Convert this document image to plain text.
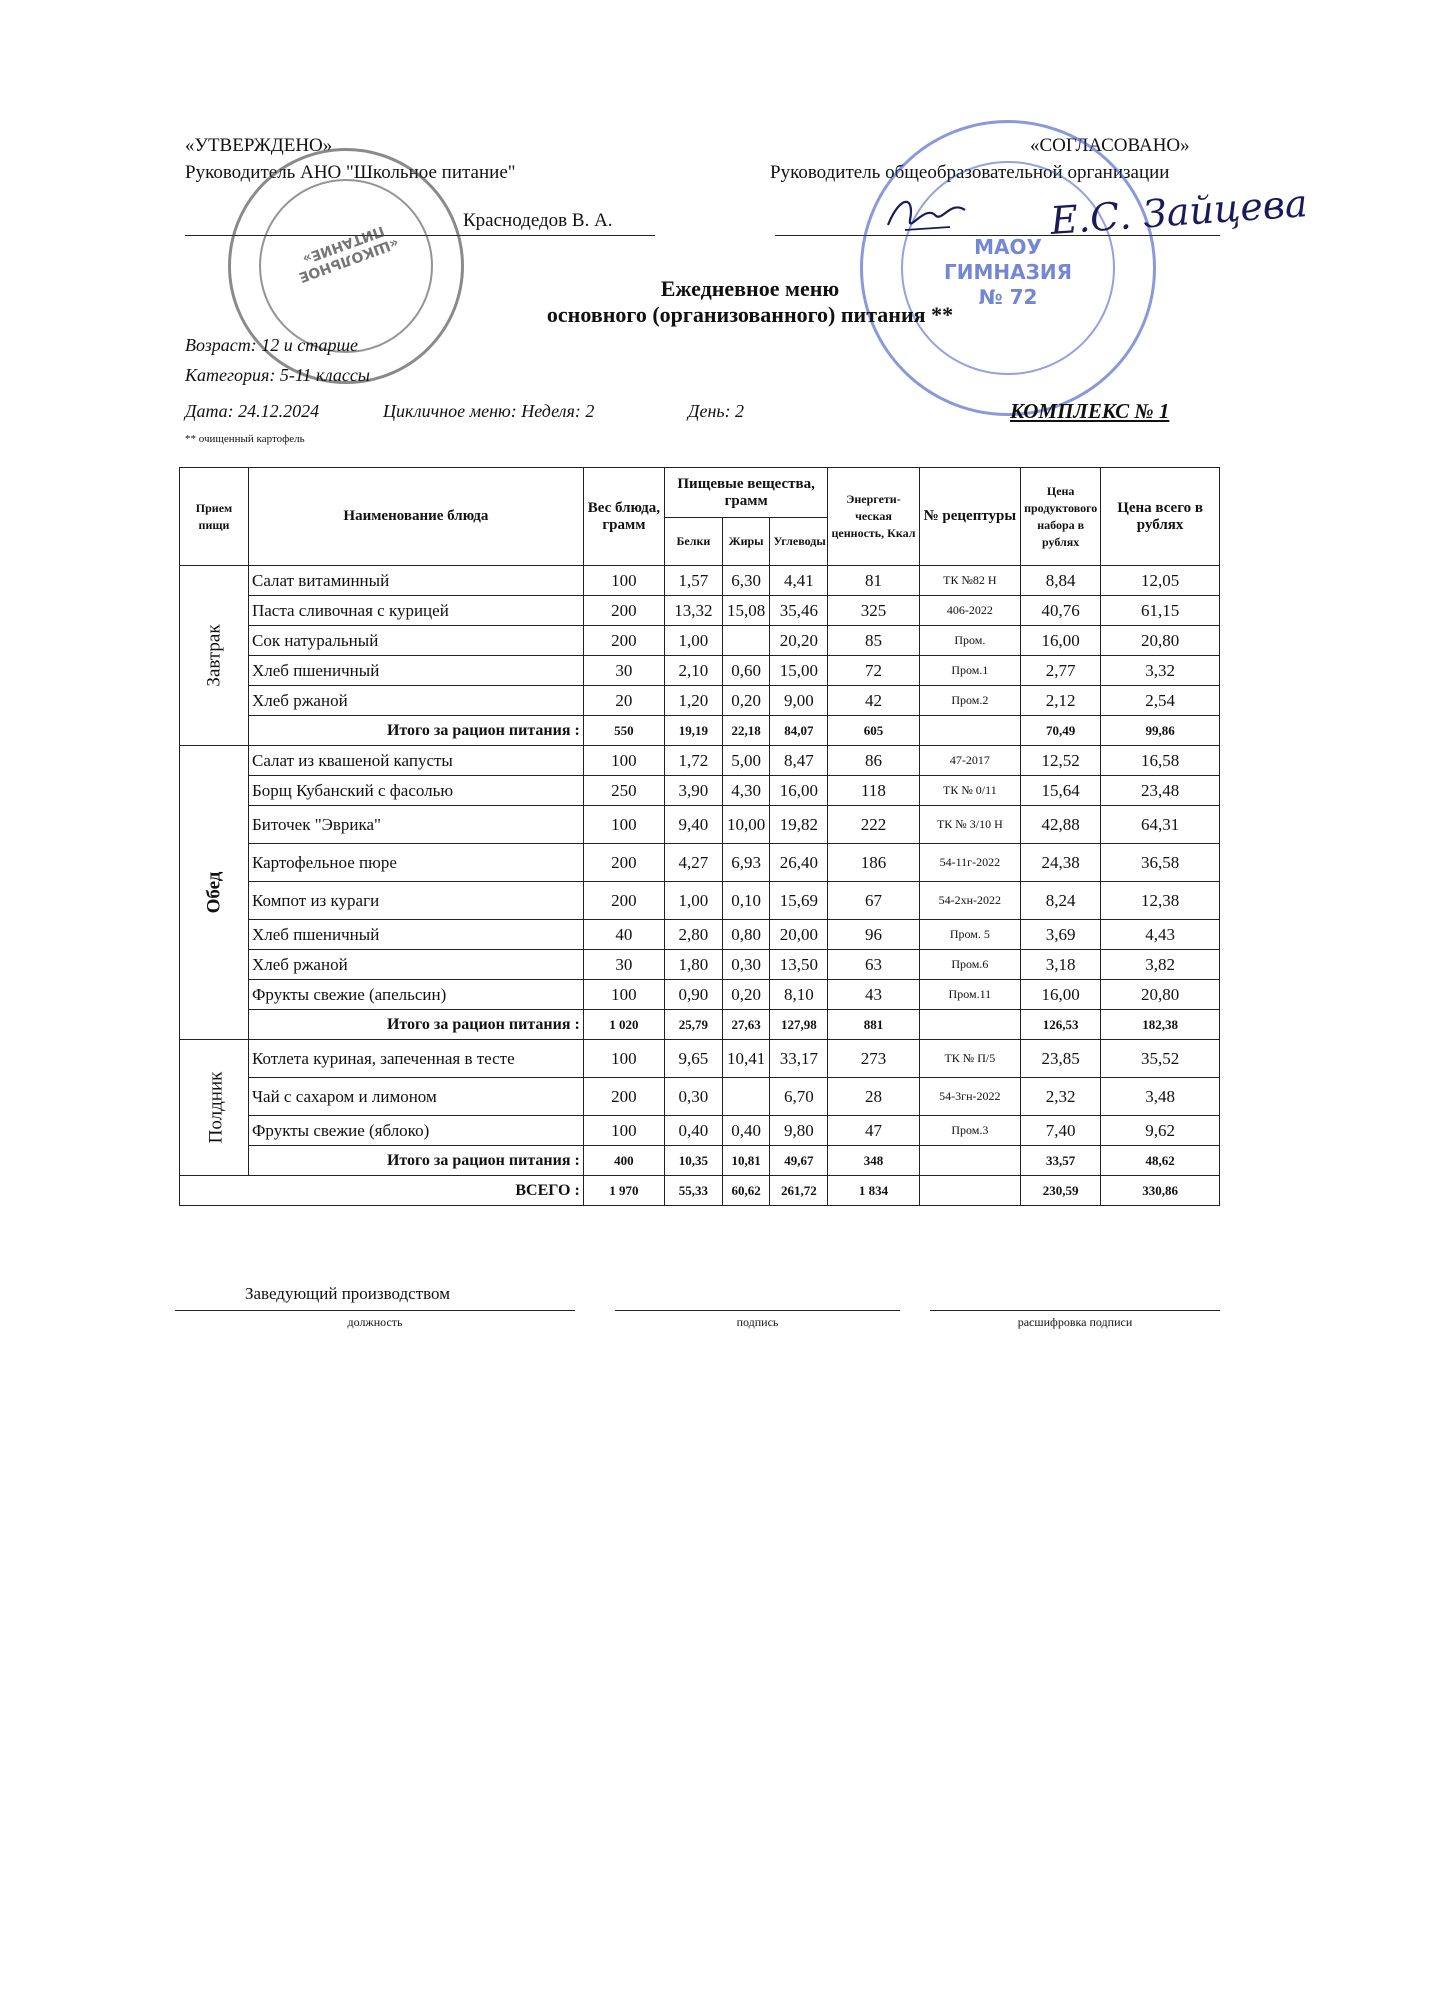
«УТВЕРЖДЕНО»
Руководитель АНО "Школьное питание"
Краснодедов В. А.
«СОГЛАСОВАНО»
Руководитель общеобразовательной организации
«ШКОЛЬНОЕ ПИТАНИЕ»	МАОУ
ГИМНАЗИЯ
№ 72
Е.С. Зайцева
Ежедневное меню
основного (организованного) питания **
Возраст: 12 и старше
Категория: 5-11 классы
Дата: 24.12.2024	Цикличное меню: Неделя: 2	День: 2	КОМПЛЕКС № 1
** очищенный картофель
Прием пищи	Наименование блюда	Вес блюда, грамм	Пищевые вещества, грамм			Энергети-ческая ценность, Ккал	№ рецептуры	Цена продуктового набора в рублях	Цена всего в рублях
			Белки	Жиры	Углеводы				
Завтрак	Салат витаминный	100	1,57	6,30	4,41	81	ТК №82 Н	8,84	12,05
	Паста сливочная с курицей	200	13,32	15,08	35,46	325	406-2022	40,76	61,15
	Сок натуральный	200	1,00		20,20	85	Пром.	16,00	20,80
	Хлеб пшеничный	30	2,10	0,60	15,00	72	Пром.1	2,77	3,32
	Хлеб ржаной	20	1,20	0,20	9,00	42	Пром.2	2,12	2,54
	Итого за рацион питания :	550	19,19	22,18	84,07	605		70,49	99,86
Обед	Салат из квашеной капусты	100	1,72	5,00	8,47	86	47-2017	12,52	16,58
	Борщ Кубанский с фасолью	250	3,90	4,30	16,00	118	ТК № 0/11	15,64	23,48
	Биточек "Эврика"	100	9,40	10,00	19,82	222	ТК № 3/10 Н	42,88	64,31
	Картофельное пюре	200	4,27	6,93	26,40	186	54-11г-2022	24,38	36,58
	Компот из кураги	200	1,00	0,10	15,69	67	54-2хн-2022	8,24	12,38
	Хлеб пшеничный	40	2,80	0,80	20,00	96	Пром. 5	3,69	4,43
	Хлеб ржаной	30	1,80	0,30	13,50	63	Пром.6	3,18	3,82
	Фрукты свежие (апельсин)	100	0,90	0,20	8,10	43	Пром.11	16,00	20,80
	Итого за рацион питания :	1 020	25,79	27,63	127,98	881		126,53	182,38
Полдник	Котлета куриная, запеченная в тесте	100	9,65	10,41	33,17	273	ТК № П/5	23,85	35,52
	Чай с сахаром и лимоном	200	0,30		6,70	28	54-3гн-2022	2,32	3,48
	Фрукты свежие (яблоко)	100	0,40	0,40	9,80	47	Пром.3	7,40	9,62
	Итого за рацион питания :	400	10,35	10,81	49,67	348		33,57	48,62
ВСЕГО :		1 970	55,33	60,62	261,72	1 834		230,59	330,86
Заведующий производством
должность	подпись	расшифровка подписи
